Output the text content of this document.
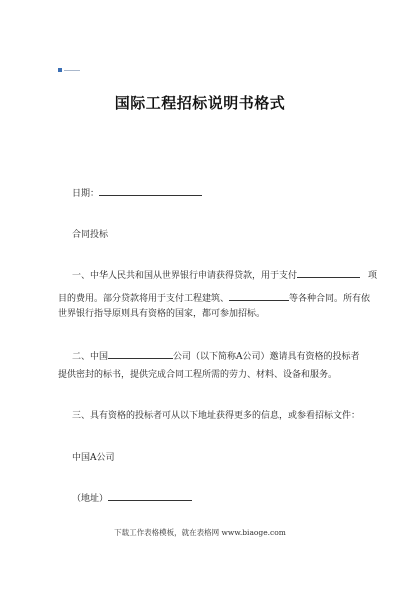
国际工程招标说明书格式
日期：
合同投标
一、中华人民共和国从世界银行申请获得贷款，用于支付	项
目的费用。部分贷款将用于支付工程建筑、	等各种合同。所有依
世界银行指导原则具有资格的国家，都可参加招标。
二、中国	公司（以下简称A公司）邀请具有资格的投标者
提供密封的标书，提供完成合同工程所需的劳力、材料、设备和服务。
三、具有资格的投标者可从以下地址获得更多的信息，或参看招标文件：
中国A公司
（地址）
下载工作表格模板，就在表格网 www.biaoge.com
